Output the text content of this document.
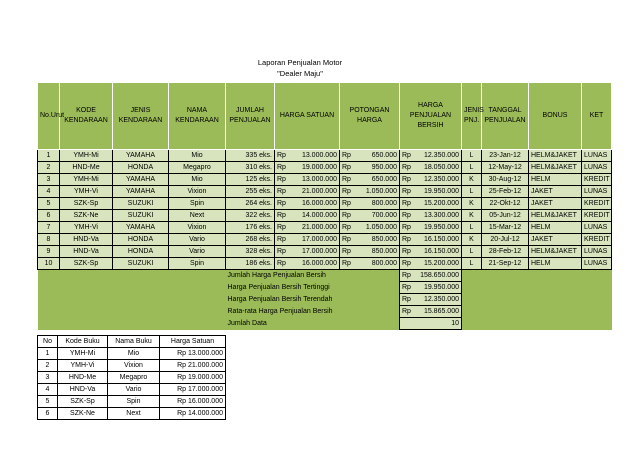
Laporan Penjualan Motor
"Dealer Maju"
No.Urut	KODE KENDARAAN	JENIS KENDARAAN	NAMA KENDARAAN	JUMLAH PENJUALAN	HARGA SATUAN	POTONGAN HARGA	HARGA PENJUALAN BERSIH	JENIS PNJ.	TANGGAL PENJUALAN	BONUS	KET
1	YMH-Mi	YAMAHA	Mio	335 eks.	Rp 13.000.000	Rp 650.000	Rp 12.350.000	L	23-Jan-12	HELM&JAKET	LUNAS
2	HND-Me	HONDA	Megapro	310 eks.	Rp 19.000.000	Rp 950.000	Rp 18.050.000	L	12-May-12	HELM&JAKET	LUNAS
3	YMH-Mi	YAMAHA	Mio	125 eks.	Rp 13.000.000	Rp 650.000	Rp 12.350.000	K	30-Aug-12	HELM	KREDIT
4	YMH-Vi	YAMAHA	Vixion	255 eks.	Rp 21.000.000	Rp 1.050.000	Rp 19.950.000	L	25-Feb-12	JAKET	LUNAS
5	SZK-Sp	SUZUKI	Spin	264 eks.	Rp 16.000.000	Rp 800.000	Rp 15.200.000	K	22-Okt-12	JAKET	KREDIT
6	SZK-Ne	SUZUKI	Next	322 eks.	Rp 14.000.000	Rp 700.000	Rp 13.300.000	K	05-Jun-12	HELM&JAKET	KREDIT
7	YMH-Vi	YAMAHA	Vixion	176 eks.	Rp 21.000.000	Rp 1.050.000	Rp 19.950.000	L	15-Mar-12	HELM	LUNAS
8	HND-Va	HONDA	Vario	268 eks.	Rp 17.000.000	Rp 850.000	Rp 16.150.000	K	20-Jul-12	JAKET	KREDIT
9	HND-Va	HONDA	Vario	328 eks.	Rp 17.000.000	Rp 850.000	Rp 16.150.000	L	28-Feb-12	HELM&JAKET	LUNAS
10	SZK-Sp	SUZUKI	Spin	186 eks.	Rp 16.000.000	Rp 800.000	Rp 15.200.000	L	21-Sep-12	HELM	LUNAS
				Jumlah Harga Penjualan Bersih			Rp 158.650.000				

				Harga Penjualan Bersih Tertinggi			Rp 19.950.000				

				Harga Penjualan Bersih Terendah			Rp 12.350.000				

				Rata-rata Harga Penjualan Bersih			Rp 15.865.000				

				Jumlah Data			10				
No	Kode Buku	Nama Buku	Harga Satuan
1	YMH-Mi	Mio	Rp 13.000.000
2	YMH-Vi	Vixion	Rp 21.000.000
3	HND-Me	Megapro	Rp 19.000.000
4	HND-Va	Vario	Rp 17.000.000
5	SZK-Sp	Spin	Rp 16.000.000
6	SZK-Ne	Next	Rp 14.000.000
